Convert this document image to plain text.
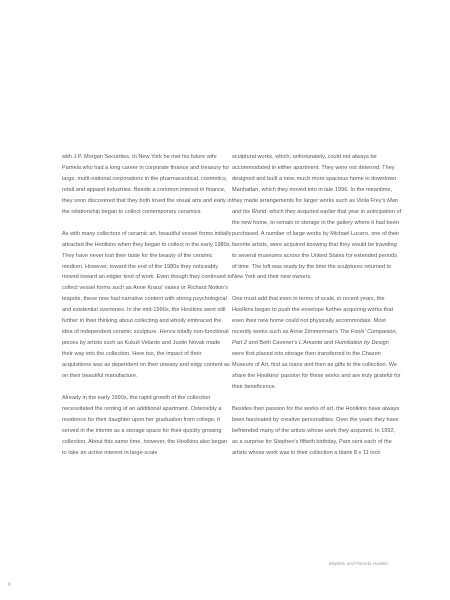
with J.P. Morgan Securities. In New York he met his future wife Pamela who had a long career in corporate finance and treasury for large, multi-national corporations in the pharmaceutical, cosmetics, retail and apparel industries. Beside a common interest in finance, they soon discovered that they both loved the visual arts and early in the relationship began to collect contemporary ceramics.

As with many collectors of ceramic art, beautiful vessel forms initially attracted the Hoolkins when they began to collect in the early 1980s. They have never lost their taste for the beauty of the ceramic medium. However, toward the end of the 1980s they noticeably moved toward an edgier kind of work. Even though they continued to collect vessel forms such as Anne Kraus' vases or Richard Notkin's teapots, these now had narrative content with strong psychological and existential overtones. In the mid-1990s, the Hoolkins went still further in their thinking about collecting and wholly embraced the idea of independent ceramic sculpture. Hence totally non-functional pieces by artists such as Kukuli Velarde and Justin Novak made their way into the collection. Here too, the impact of their acquisitions was as dependent on their uneasy and edgy content as on their beautiful manufacture.

Already in the early 1990s, the rapid growth of the collection necessitated the renting of an additional apartment. Ostensibly a residence for their daughter upon her graduation from college, it served in the interim as a storage space for their quickly growing collection. About this same time, however, the Hoolkins also began to take an active interest in large-scale

sculptural works, which, unfortunately, could not always be accommodated in either apartment. They were not deterred. They designed and built a new, much more spacious home in downtown Manhattan, which they moved into in late 1996. In the meantime, they made arrangements for larger works such as Viola Frey's Man and his World, which they acquired earlier that year in anticipation of the new home, to remain in storage in the gallery where it had been purchased. A number of large works by Michael Lucero, one of their favorite artists, were acquired knowing that they would be traveling to several museums across the United States for extended periods of time. The loft was ready by the time the sculptures returned to New York and their new owners.

One must add that even in terms of scale, in recent years, the Hoolkins began to push the envelope further acquiring works that even their new home could not physically accommodate. Most recently works such as Arnie Zimmerman's The Fools' Companion, Part 2 and Beth Cavener's L'Amante and Humiliation by Design were first placed into storage then transferred to the Chazen Museum of Art, first as loans and then as gifts to the collection. We share the Hoolkins' passion for these works and are truly grateful for their beneficence.

Besides their passion for the works of art, the Hoolkins have always been fascinated by creative personalities. Over the years they have befriended many of the artists whose work they acquired. In 1992, as a surprise for Stephen's fiftieth birthday, Pam sent each of the artists whose work was in their collection a blank 8 x 11 inch

Stephen and Pamela Hoolkin
6
